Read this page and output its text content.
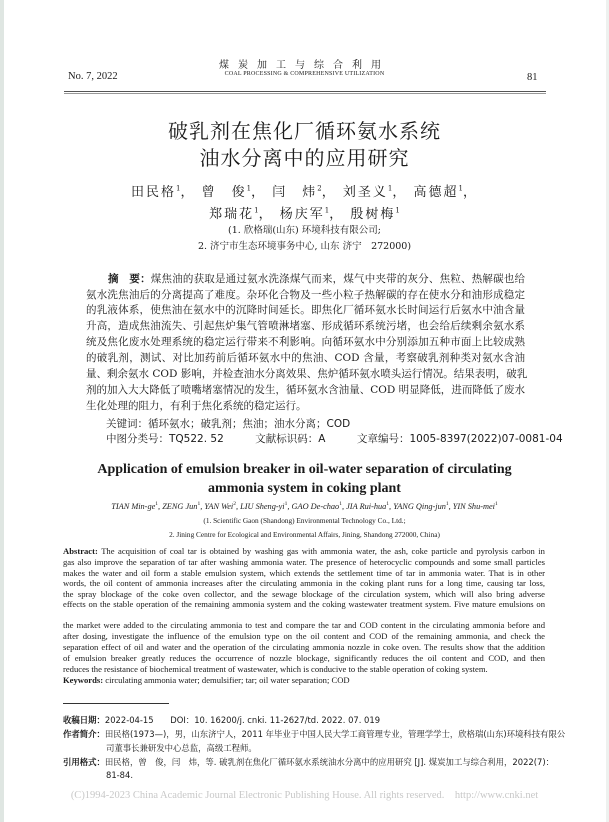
煤炭加工与综合利用
COAL PROCESSING & COMPREHENSIVE UTILIZATION
No. 7, 2022	81
破乳剂在焦化厂循环氨水系统
油水分离中的应用研究
田民格$^1$， 曾　俊$^1$， 闫　炜$^2$， 刘圣义$^1$， 高德超$^1$，
郑瑞花$^1$， 杨庆军$^1$， 殷树梅$^1$
(1. 欣格瑞(山东) 环境科技有限公司;
2. 济宁市生态环境事务中心, 山东 济宁　272000)
摘　要：煤焦油的获取是通过氨水洗涤煤气而来，煤气中夹带的灰分、焦粒、热解碳也给
氨水洗焦油后的分离提高了难度。杂环化合物及一些小粒子热解碳的存在使水分和油形成稳定
的乳液体系，使焦油在氨水中的沉降时间延长。即焦化厂循环氨水长时间运行后氨水中油含量
升高，造成焦油流失、引起焦炉集气管喷淋堵塞、形成循环系统污堵，也会给后续剩余氨水系
统及焦化废水处理系统的稳定运行带来不利影响。向循环氨水中分别添加五种市面上比较成熟
的破乳剂，测试、对比加药前后循环氨水中的焦油、COD 含量，考察破乳剂种类对氨水含油
量、剩余氨水 COD 影响，并检查油水分离效果、焦炉循环氨水喷头运行情况。结果表明，破乳
剂的加入大大降低了喷嘴堵塞情况的发生，循环氨水含油量、COD 明显降低，进而降低了废水
生化处理的阻力，有利于焦化系统的稳定运行。
关键词：循环氨水；破乳剂；焦油；油水分离；COD
中图分类号：TQ522. 52　　　	文献标识码：A　　　	文章编号：1005-8397(2022)07-0081-04
Application of emulsion breaker in oil-water separation of circulating
ammonia system in coking plant
TIAN Min-$ge^1$, ZENG Jun$^1$, YAN Wei$^2$, LIU Sheng-$yi^1$, GAO De-chao$^1$, JIA Rui-hua$^1$, YANG Qing-jun$^1$, YIN Shu-mei$^1$
(1. Scientific Gaon (Shandong) Environmental Technology Co., Ltd.;
2. Jining Centre for Ecological and Environmental Affairs, Jining, Shandong 272000, China)
Abstract: The acquisition of coal tar is obtained by washing gas with ammonia water, the ash, coke particle and pyrolysis carbon in
gas also improve the separation of tar after washing ammonia water. The presence of heterocyclic compounds and some small particles
makes the water and oil form a stable emulsion system, which extends the settlement time of tar in ammonia water. That is in other
words, the oil content of ammonia increases after the circulating ammonia in the coking plant runs for a long time, causing tar loss,
the spray blockage of the coke oven collector, and the sewage blockage of the circulation system, which will also bring adverse
effects on the stable operation of the remaining ammonia system and the coking wastewater treatment system. Five mature emulsions on
the market were added to the circulating ammonia to test and compare the tar and COD content in the circulating ammonia before and
after dosing, investigate the influence of the emulsion type on the oil content and COD of the remaining ammonia, and check the
separation effect of oil and water and the operation of the circulating ammonia nozzle in coke oven. The results show that the addition
of emulsion breaker greatly reduces the occurrence of nozzle blockage, significantly reduces the oil content and COD, and then
reduces the resistance of biochemical treatment of wastewater, which is conducive to the stable operation of coking system.
Keywords: circulating ammonia water; demulsifier; tar; oil water separation; COD
收稿日期：2022-04-15　　 DOI：10. 16200/j. cnki. 11-2627/td. 2022. 07. 019
作者简介：田民格(1973—)，男，山东济宁人，2011 年毕业于中国人民大学工商管理专业，管理学学士，欣格瑞(山东)环境科技有限公
司董事长兼研发中心总监，高级工程师。
引用格式：田民格，曾　俊，闫　炜，等. 破乳剂在焦化厂循环氨水系统油水分离中的应用研究 [J]. 煤炭加工与综合利用，2022(7)：
81-84.
(C)1994-2023 China Academic Journal Electronic Publishing House. All rights reserved.    http://www.cnki.net
